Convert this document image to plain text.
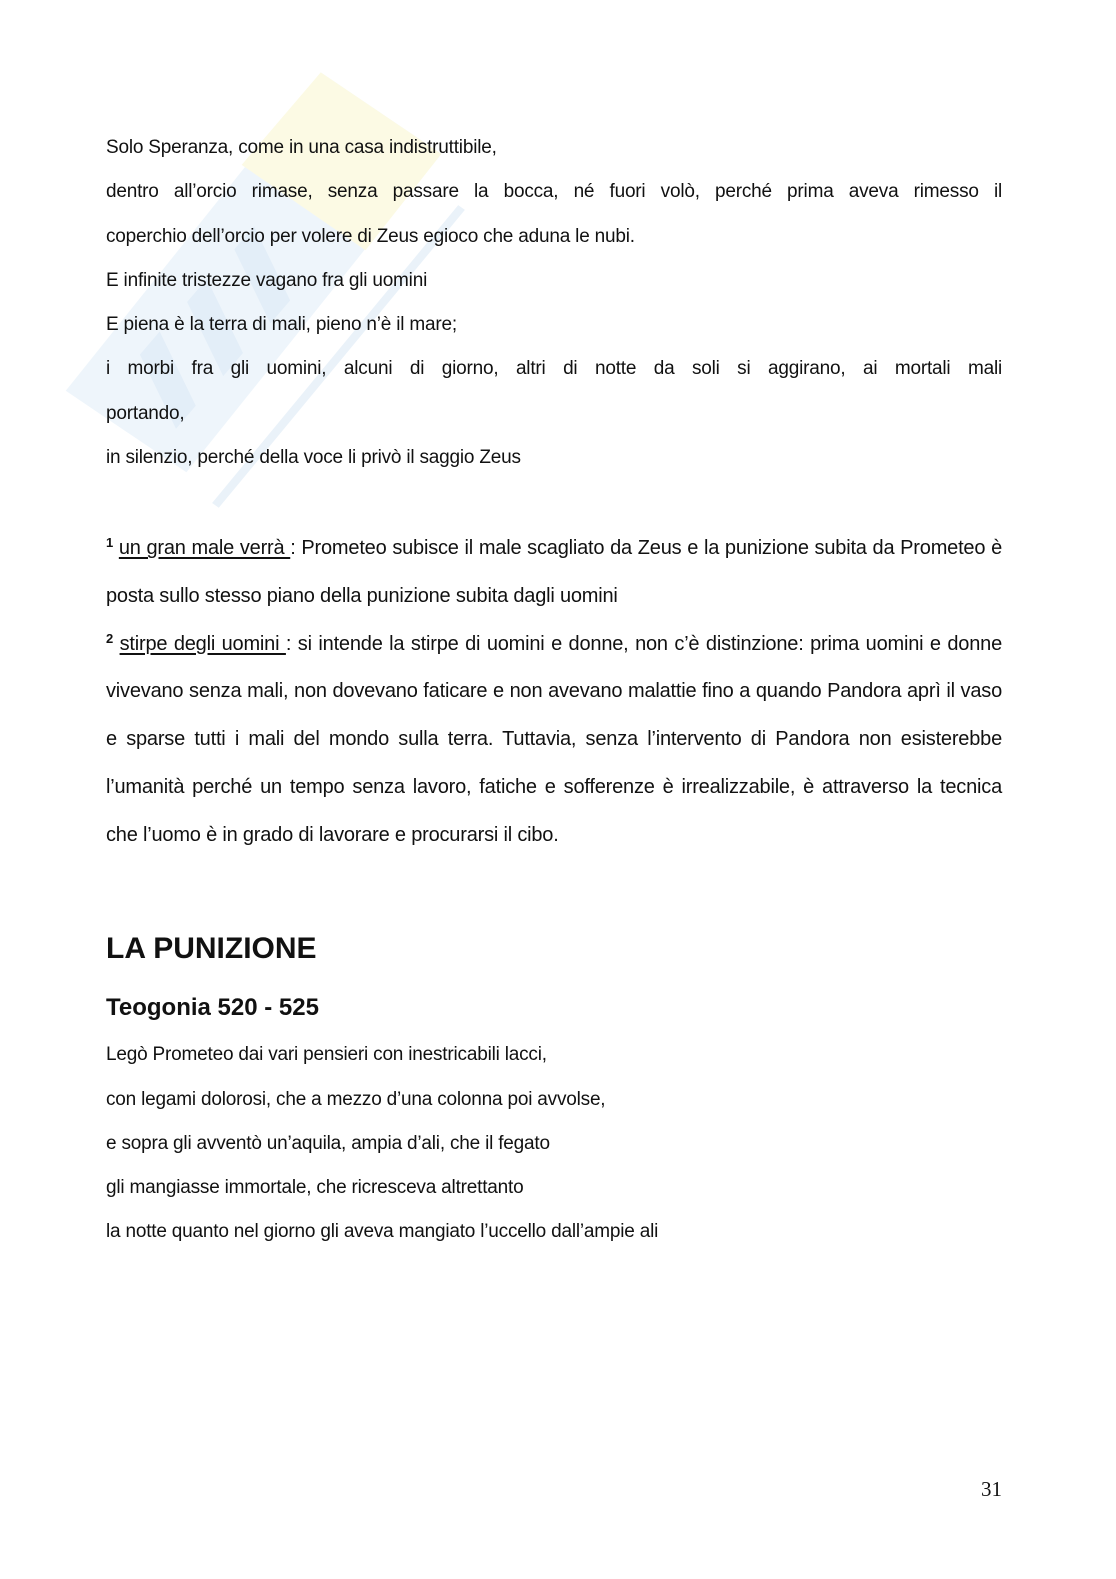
Solo Speranza, come in una casa indistruttibile,

dentro all’orcio rimase, senza passare la bocca, né fuori volò, perché prima aveva rimesso il

coperchio dell’orcio per volere di Zeus egioco che aduna le nubi.

E infinite tristezze vagano fra gli uomini

E piena è la terra di mali, pieno n’è il mare;

i morbi fra gli uomini, alcuni di giorno, altri di notte da soli si aggirano, ai mortali mali

portando,

in silenzio, perché della voce li privò il saggio Zeus

$^1$ un gran male verrà : Prometeo subisce il male scagliato da Zeus e la punizione subita da Prometeo è posta sullo stesso piano della punizione subita dagli uomini

$^2$ stirpe degli uomini : si intende la stirpe di uomini e donne, non c’è distinzione: prima uomini e donne vivevano senza mali, non dovevano faticare e non avevano malattie fino a quando Pandora aprì il vaso e sparse tutti i mali del mondo sulla terra. Tuttavia, senza l’intervento di Pandora non esisterebbe l’umanità perché un tempo senza lavoro, fatiche e sofferenze è irrealizzabile, è attraverso la tecnica che l’uomo è in grado di lavorare e procurarsi il cibo.

LA PUNIZIONE
Teogonia 520 - 525

Legò Prometeo dai vari pensieri con inestricabili lacci,

con legami dolorosi, che a mezzo d’una colonna poi avvolse,

e sopra gli avventò un’aquila, ampia d’ali, che il fegato

gli mangiasse immortale, che ricresceva altrettanto

la notte quanto nel giorno gli aveva mangiato l’uccello dall’ampie ali

31
